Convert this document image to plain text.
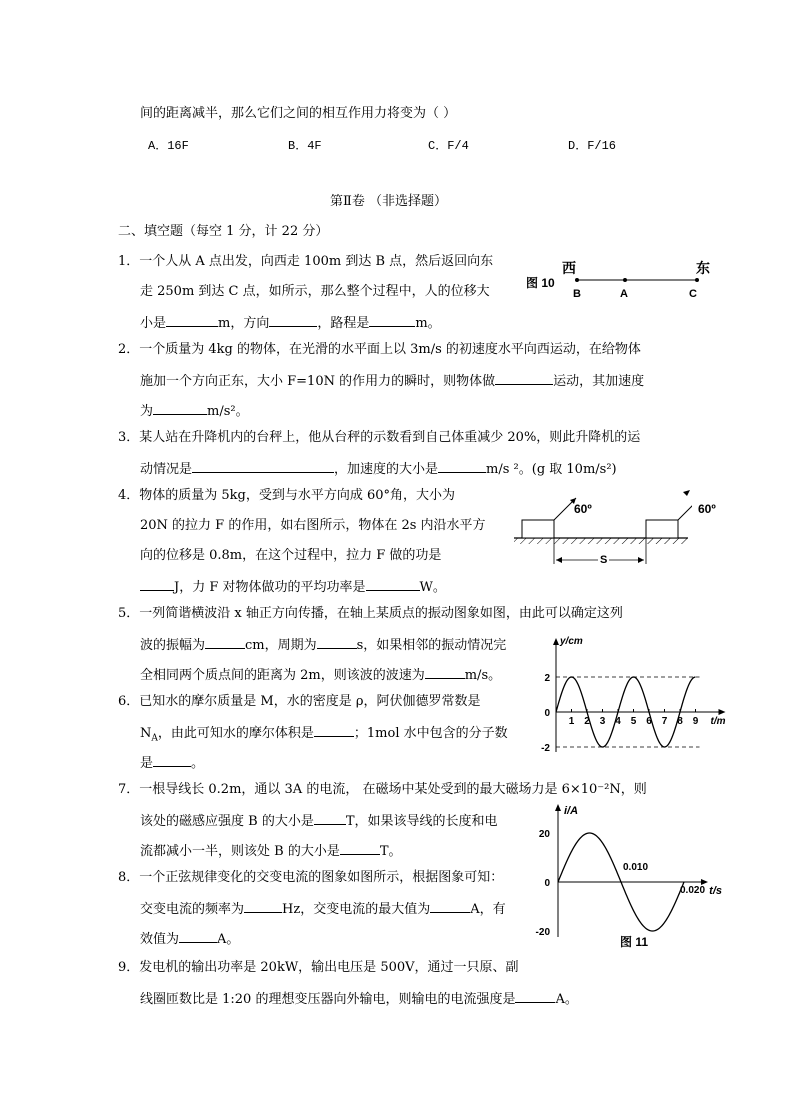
间的距离减半，那么它们之间的相互作用力将变为（ ）
A．16F	B．4F	C．F/4	D．F/16
第Ⅱ卷 （非选择题）
二、填空题（每空 1 分，计 22 分）
1．一个人从 A 点出发，向西走 100m 到达 B 点，然后返回向东
走 250m 到达 C 点，如所示，那么整个过程中，人的位移大
小是	m，方向	，路程是	m。
西	东
图 10
B	A	C
2．一个质量为 4kg 的物体，在光滑的水平面上以 3m/s 的初速度水平向西运动，在给物体
施加一个方向正东，大小 F=10N 的作用力的瞬时，则物体做	运动，其加速度
为	m/s²。
3．某人站在升降机内的台秤上，他从台秤的示数看到自己体重减少 20%，则此升降机的运
动情况是	，加速度的大小是	m/s ²。(g 取 10m/s²)
4．物体的质量为 5kg，受到与水平方向成 60°角，大小为
20N 的拉力 F 的作用，如右图所示，物体在 2s 内沿水平方
向的位移是 0.8m，在这个过程中，拉力 F 做的功是
J，力 F 对物体做功的平均功率是	W。
60º	60º
S
5．一列简谐横波沿 x 轴正方向传播，在轴上某质点的振动图象如图，由此可以确定这列
波的振幅为	cm，周期为	s，如果相邻的振动情况完
全相同两个质点间的距离为 2m，则该波的波速为	m/s。
1 2 3 4 5 6 7 8 9
2
0
-2
y/cm
t/m
6．已知水的摩尔质量是 M，水的密度是 ρ，阿伏伽德罗常数是
$N_A$，由此可知水的摩尔体积是	；1mol 水中包含的分子数
是	。
7．一根导线长 0.2m，通以 3A 的电流， 在磁场中某处受到的最大磁场力是 6×10⁻²N，则
该处的磁感应强度 B 的大小是 T，如果该导线的长度和电
流都减小一半，则该处 B 的大小是	T。
20
0
-20
0.010
0.020
i/A
t/s
图 11
8．一个正弦规律变化的交变电流的图象如图所示，根据图象可知：
交变电流的频率为	Hz，交变电流的最大值为	A，有
效值为	A。
9．发电机的输出功率是 20kW，输出电压是 500V，通过一只原、副
线圈匝数比是 1:20 的理想变压器向外输电，则输电的电流强度是	A。
